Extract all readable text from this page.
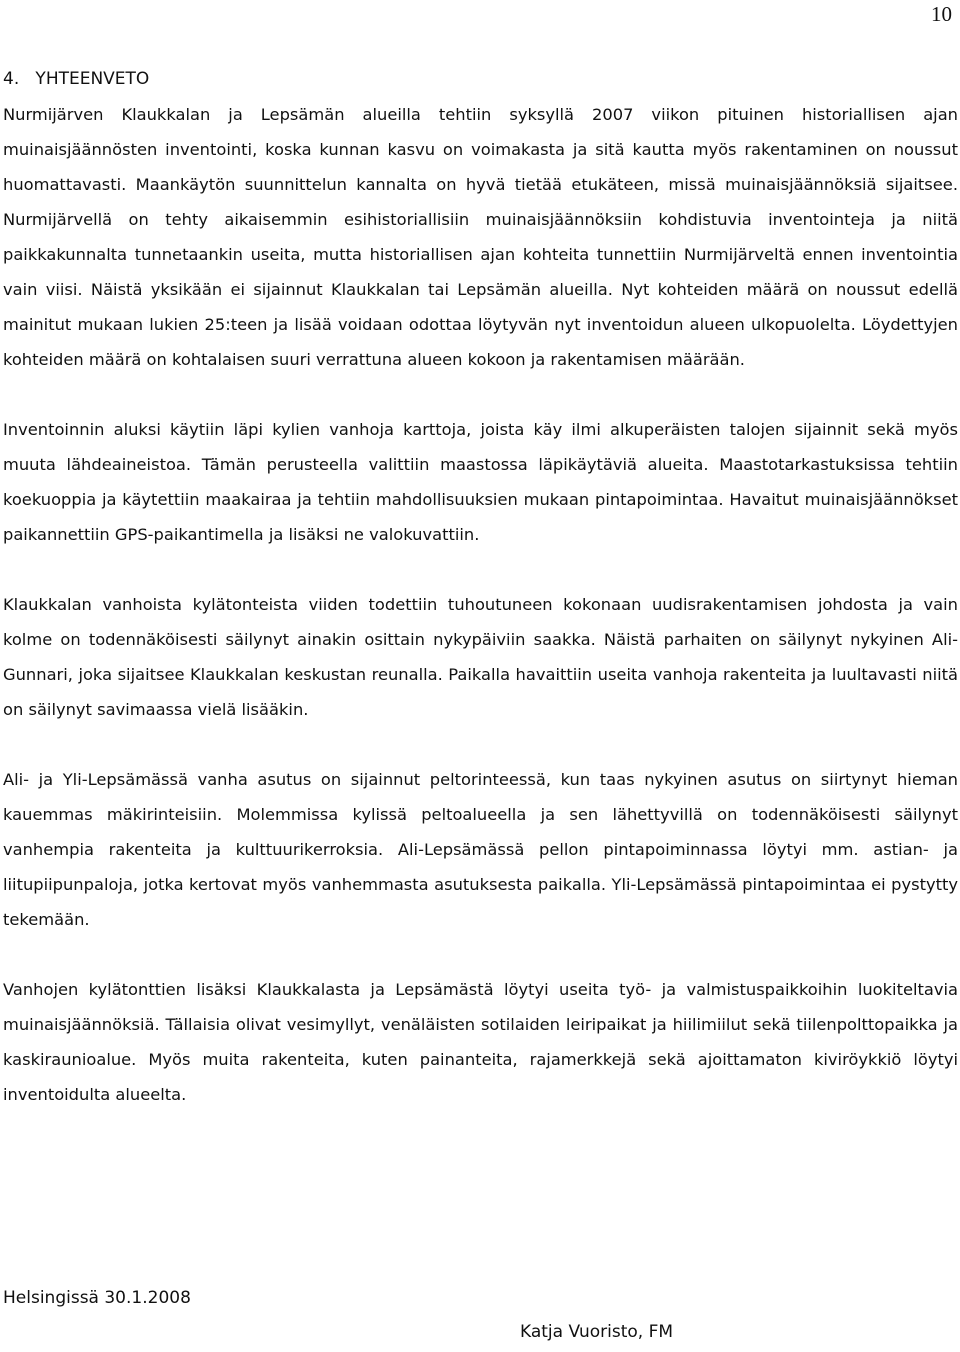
10
4.   YHTEENVETO

Nurmijärven Klaukkalan ja Lepsämän alueilla tehtiin syksyllä 2007 viikon pituinen historiallisen ajan muinaisjäännösten inventointi, koska kunnan kasvu on voimakasta ja sitä kautta myös rakentaminen on noussut huomattavasti. Maankäytön suunnittelun kannalta on hyvä tietää etukäteen, missä muinaisjäännöksiä sijaitsee. Nurmijärvellä on tehty aikaisemmin esihistoriallisiin muinaisjäännöksiin kohdistuvia inventointeja ja niitä paikkakunnalta tunnetaankin useita, mutta historiallisen ajan kohteita tunnettiin Nurmijärveltä ennen inventointia vain viisi. Näistä yksikään ei sijainnut Klaukkalan tai Lepsämän alueilla. Nyt kohteiden määrä on noussut edellä mainitut mukaan lukien 25:teen ja lisää voidaan odottaa löytyvän nyt inventoidun alueen ulkopuolelta. Löydettyjen kohteiden määrä on kohtalaisen suuri verrattuna alueen kokoon ja rakentamisen määrään.

Inventoinnin aluksi käytiin läpi kylien vanhoja karttoja, joista käy ilmi alkuperäisten talojen sijainnit sekä myös muuta lähdeaineistoa. Tämän perusteella valittiin maastossa läpikäytäviä alueita. Maastotarkastuksissa tehtiin koekuoppia ja käytettiin maakairaa ja tehtiin mahdollisuuksien mukaan pintapoimintaa. Havaitut muinaisjäännökset paikannettiin GPS-paikantimella ja lisäksi ne valokuvattiin.

Klaukkalan vanhoista kylätonteista viiden todettiin tuhoutuneen kokonaan uudisrakentamisen johdosta ja vain kolme on todennäköisesti säilynyt ainakin osittain nykypäiviin saakka. Näistä parhaiten on säilynyt nykyinen Ali-Gunnari, joka sijaitsee Klaukkalan keskustan reunalla. Paikalla havaittiin useita vanhoja rakenteita ja luultavasti niitä on säilynyt savimaassa vielä lisääkin.

Ali- ja Yli-Lepsämässä vanha asutus on sijainnut peltorinteessä, kun taas nykyinen asutus on siirtynyt hieman kauemmas mäkirinteisiin. Molemmissa kylissä peltoalueella ja sen lähettyvillä on todennäköisesti säilynyt vanhempia rakenteita ja kulttuurikerroksia. Ali-Lepsämässä pellon pintapoiminnassa löytyi mm. astian- ja liitupiipunpaloja, jotka kertovat myös vanhemmasta asutuksesta paikalla. Yli-Lepsämässä pintapoimintaa ei pystytty tekemään.

Vanhojen kylätonttien lisäksi Klaukkalasta ja Lepsämästä löytyi useita työ- ja valmistuspaikkoihin luokiteltavia muinaisjäännöksiä. Tällaisia olivat vesimyllyt, venäläisten sotilaiden leiripaikat ja hiilimiilut sekä tiilenpolttopaikka ja kaskiraunioalue. Myös muita rakenteita, kuten painanteita, rajamerkkejä sekä ajoittamaton kiviröykkiö löytyi inventoidulta alueelta.

Helsingissä 30.1.2008
Katja Vuoristo, FM
